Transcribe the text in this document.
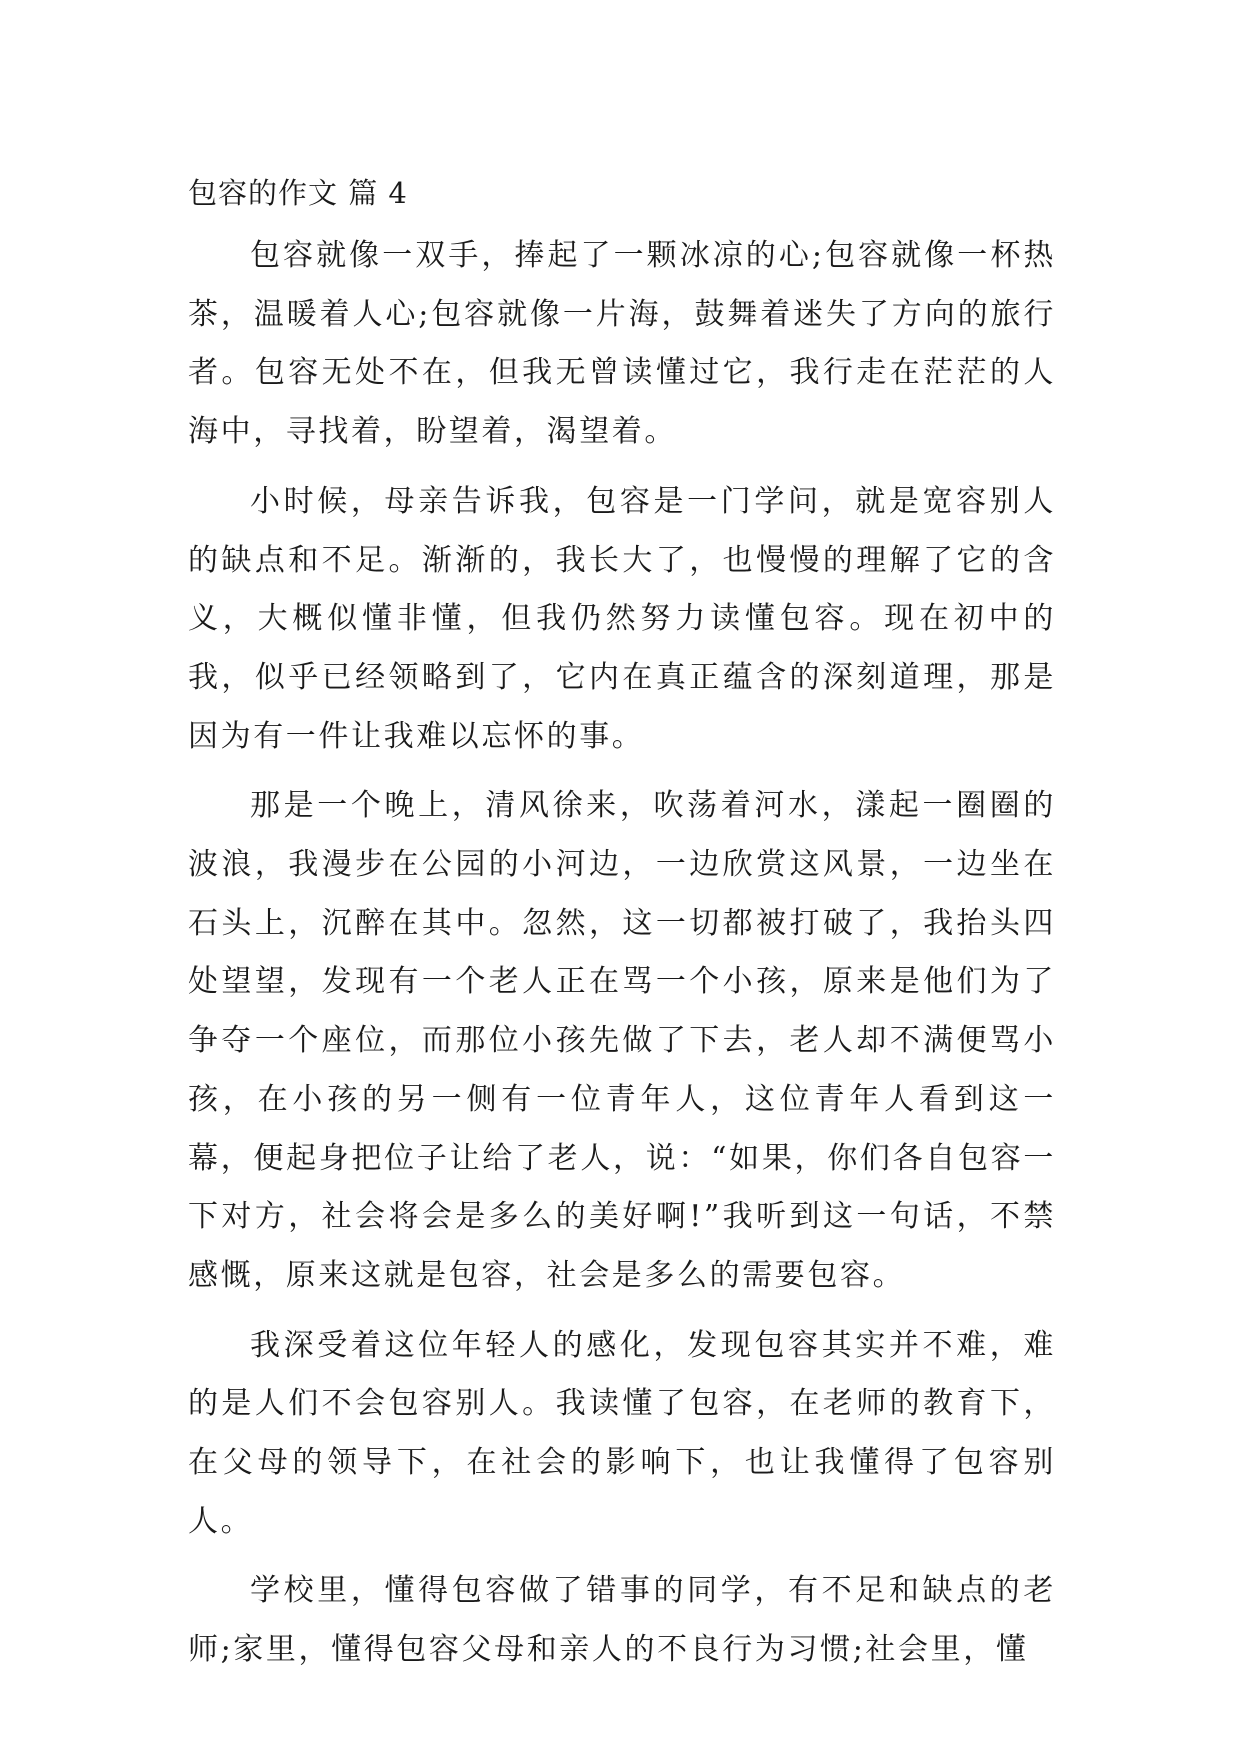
包容的作文 篇 4

包容就像一双手，捧起了一颗冰凉的心;包容就像一杯热茶，温暖着人心;包容就像一片海，鼓舞着迷失了方向的旅行者。包容无处不在，但我无曾读懂过它，我行走在茫茫的人海中，寻找着，盼望着，渴望着。

小时候，母亲告诉我，包容是一门学问，就是宽容别人的缺点和不足。渐渐的，我长大了，也慢慢的理解了它的含义，大概似懂非懂，但我仍然努力读懂包容。现在初中的我，似乎已经领略到了，它内在真正蕴含的深刻道理，那是因为有一件让我难以忘怀的事。

那是一个晚上，清风徐来，吹荡着河水，漾起一圈圈的波浪，我漫步在公园的小河边，一边欣赏这风景，一边坐在石头上，沉醉在其中。忽然，这一切都被打破了，我抬头四处望望，发现有一个老人正在骂一个小孩，原来是他们为了争夺一个座位，而那位小孩先做了下去，老人却不满便骂小孩，在小孩的另一侧有一位青年人，这位青年人看到这一幕，便起身把位子让给了老人，说：“如果，你们各自包容一下对方，社会将会是多么的美好啊!”我听到这一句话，不禁感慨，原来这就是包容，社会是多么的需要包容。

我深受着这位年轻人的感化，发现包容其实并不难，难的是人们不会包容别人。我读懂了包容，在老师的教育下，在父母的领导下，在社会的影响下，也让我懂得了包容别人。

学校里，懂得包容做了错事的同学，有不足和缺点的老师;家里，懂得包容父母和亲人的不良行为习惯;社会里，懂
